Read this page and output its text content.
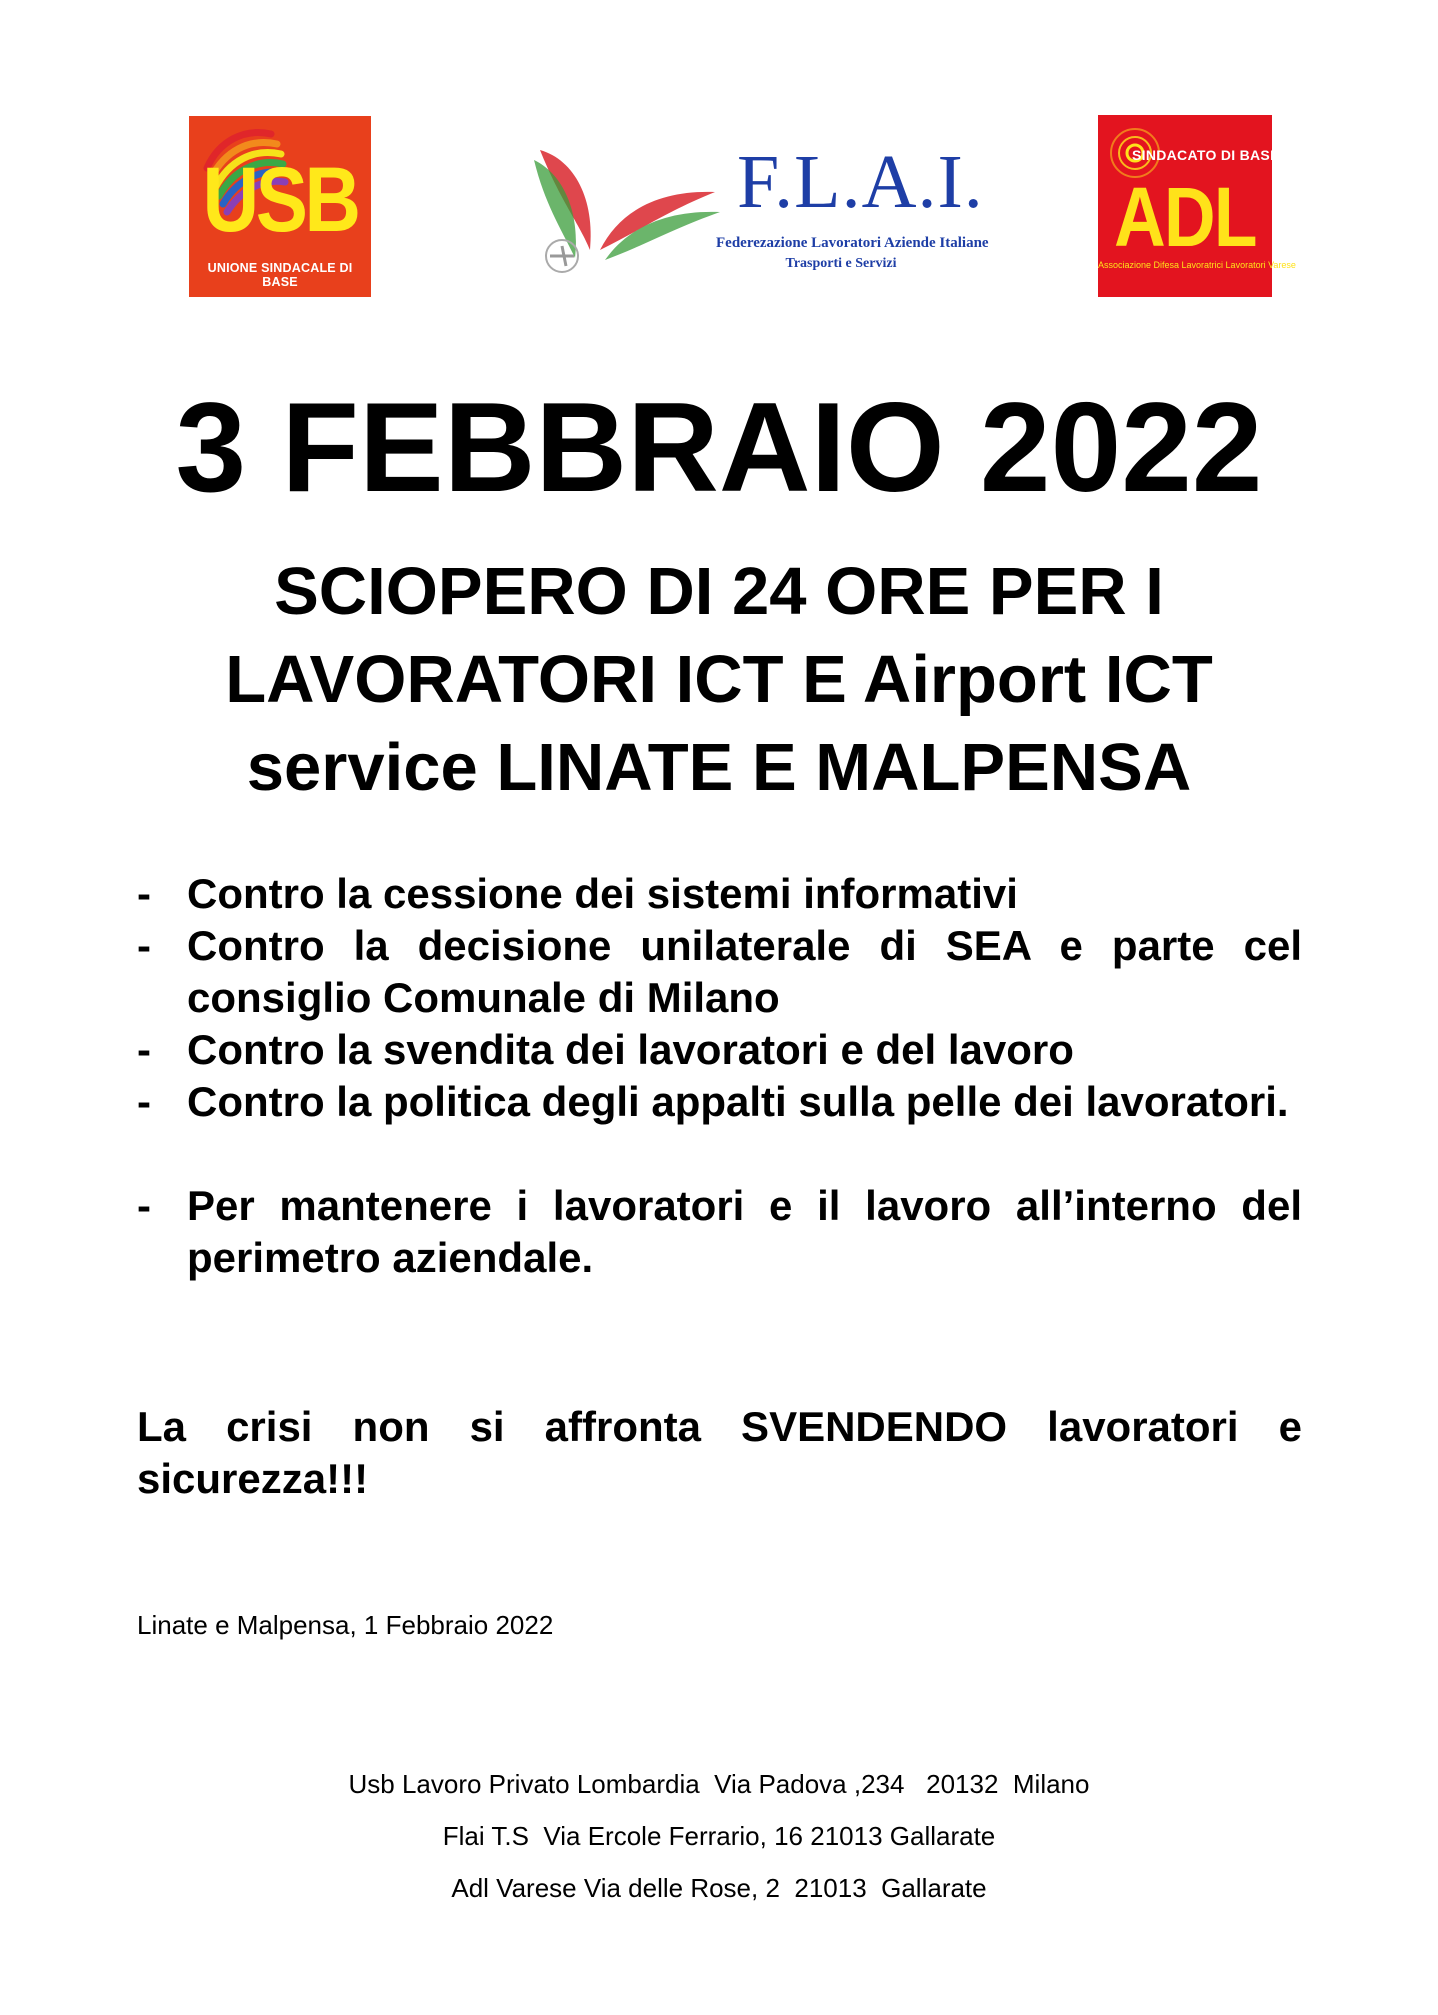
USB
UNIONE SINDACALE DI BASE
F.L.A.I.
Federezazione Lavoratori Aziende Italiane
Trasporti e Servizi
SINDACATO DI BASE
ADL
Associazione Difesa Lavoratrici Lavoratori Varese
3 FEBBRAIO 2022
SCIOPERO DI 24 ORE PER I
LAVORATORI ICT E Airport ICT
service LINATE E MALPENSA
- Contro la cessione dei sistemi informativi
- Contro la decisione unilaterale di SEA e parte cel consiglio Comunale di Milano
- Contro la svendita dei lavoratori e del lavoro
- Contro la politica degli appalti sulla pelle dei lavoratori.
- Per mantenere i lavoratori e il lavoro all’interno del perimetro aziendale.
La crisi non si affronta SVENDENDO lavoratori e sicurezza!!!
Linate e Malpensa, 1 Febbraio 2022
Usb Lavoro Privato Lombardia  Via Padova ,234   20132  Milano
Flai T.S  Via Ercole Ferrario, 16 21013 Gallarate
Adl Varese Via delle Rose, 2  21013  Gallarate
